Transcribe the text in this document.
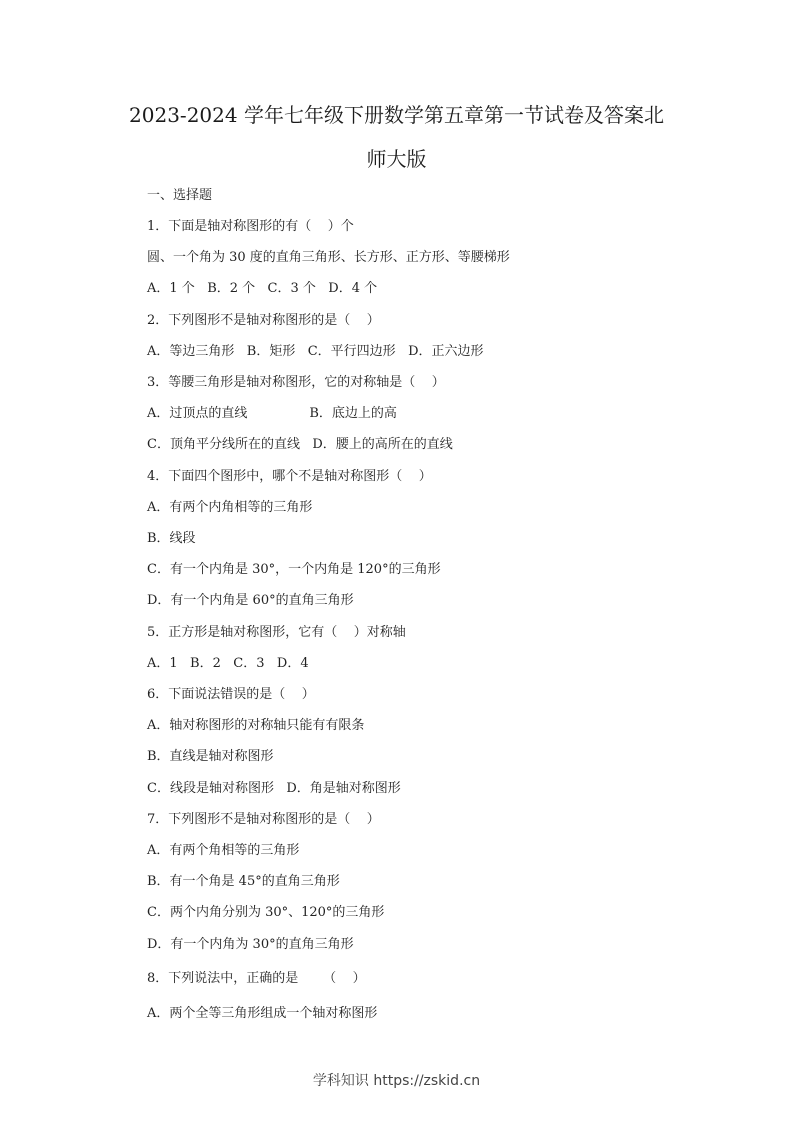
2023-2024 学年七年级下册数学第五章第一节试卷及答案北
师大版
一、选择题
1．下面是轴对称图形的有（    ）个
圆、一个角为 30 度的直角三角形、长方形、正方形、等腰梯形
A．1 个   B．2 个   C．3 个   D．4 个
2．下列图形不是轴对称图形的是（    ）
A．等边三角形   B．矩形   C．平行四边形   D．正六边形
3．等腰三角形是轴对称图形，它的对称轴是（    ）
A．过顶点的直线               B．底边上的高
C．顶角平分线所在的直线   D．腰上的高所在的直线
4．下面四个图形中，哪个不是轴对称图形（    ）
A．有两个内角相等的三角形
B．线段
C．有一个内角是 30°，一个内角是 120°的三角形
D．有一个内角是 60°的直角三角形
5．正方形是轴对称图形，它有（    ）对称轴
A．1   B．2   C．3   D．4
6．下面说法错误的是（    ）
A．轴对称图形的对称轴只能有有限条
B．直线是轴对称图形
C．线段是轴对称图形   D．角是轴对称图形
7．下列图形不是轴对称图形的是（    ）
A．有两个角相等的三角形
B．有一个角是 45°的直角三角形
C．两个内角分别为 30°、120°的三角形
D．有一个内角为 30°的直角三角形
8．下列说法中，正确的是      （    ）
A．两个全等三角形组成一个轴对称图形
学科知识 https://zskid.cn
